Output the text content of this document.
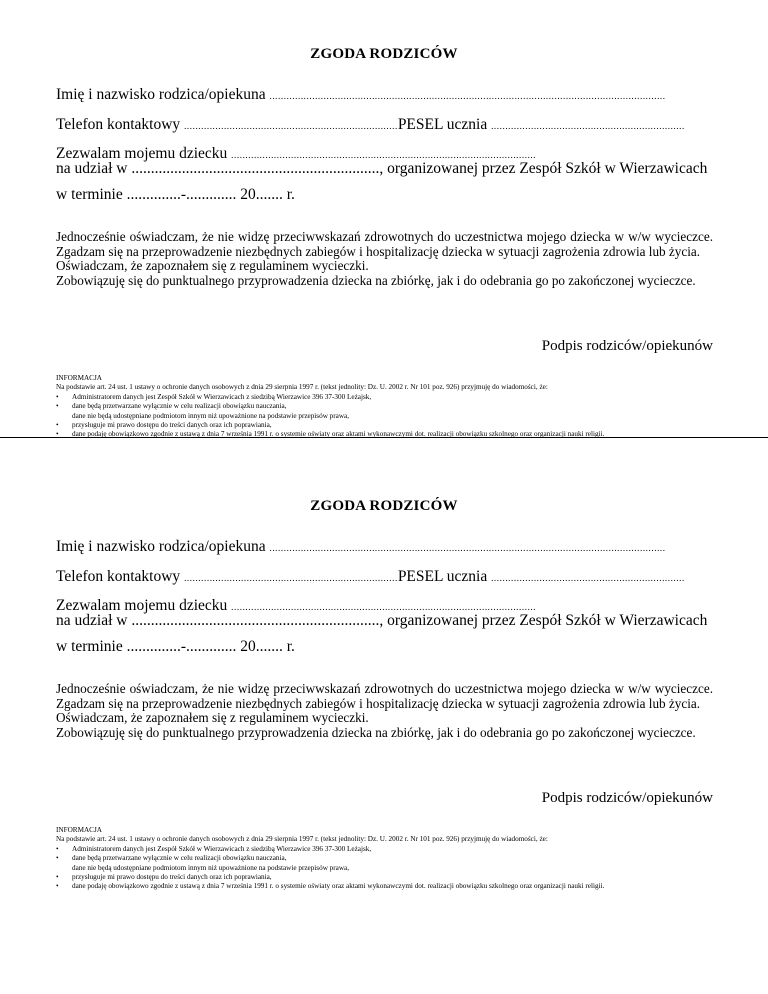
ZGODA RODZICÓW
Imię i nazwisko rodzica/opiekuna ...........................................................................................................................................
Telefon kontaktowy ...........................................................................PESEL ucznia ....................................................................
Zezwalam mojemu dziecku ...........................................................................................................
na udział w ................................................................, organizowanej przez Zespół Szkół w Wierzawicach
w terminie ..............-............. 20....... r.

Jednocześnie oświadczam, że nie widzę przeciwwskazań zdrowotnych do uczestnictwa mojego dziecka w w/w wycieczce. Zgadzam się na przeprowadzenie niezbędnych zabiegów i hospitalizację dziecka w sytuacji zagrożenia zdrowia lub życia.

Oświadczam, że zapoznałem się z regulaminem wycieczki.

Zobowiązuję się do punktualnego przyprowadzenia dziecka na zbiórkę, jak i do odebrania go po zakończonej wycieczce.

Podpis rodziców/opiekunów
INFORMACJA
Na podstawie art. 24 ust. 1 ustawy o ochronie danych osobowych z dnia 29 sierpnia 1997 r. (tekst jednolity: Dz. U. 2002 r. Nr 101 poz. 926) przyjmuję do wiadomości, że:
• Administratorem danych jest Zespół Szkół w Wierzawicach z siedzibą Wierzawice 396 37-300 Leżajsk,
• dane będą przetwarzane wyłącznie w celu realizacji obowiązku nauczania,
dane nie będą udostępniane podmiotom innym niż upoważnione na podstawie przepisów prawa,
• przysługuje mi prawo dostępu do treści danych oraz ich poprawiania,
• dane podaję obowiązkowo zgodnie z ustawą z dnia 7 września 1991 r. o systemie oświaty oraz aktami wykonawczymi dot. realizacji obowiązku szkolnego oraz organizacji nauki religii.
ZGODA RODZICÓW
Imię i nazwisko rodzica/opiekuna ...........................................................................................................................................
Telefon kontaktowy ...........................................................................PESEL ucznia ....................................................................
Zezwalam mojemu dziecku ...........................................................................................................
na udział w ................................................................, organizowanej przez Zespół Szkół w Wierzawicach
w terminie ..............-............. 20....... r.

Jednocześnie oświadczam, że nie widzę przeciwwskazań zdrowotnych do uczestnictwa mojego dziecka w w/w wycieczce. Zgadzam się na przeprowadzenie niezbędnych zabiegów i hospitalizację dziecka w sytuacji zagrożenia zdrowia lub życia.

Oświadczam, że zapoznałem się z regulaminem wycieczki.

Zobowiązuję się do punktualnego przyprowadzenia dziecka na zbiórkę, jak i do odebrania go po zakończonej wycieczce.

Podpis rodziców/opiekunów
INFORMACJA
Na podstawie art. 24 ust. 1 ustawy o ochronie danych osobowych z dnia 29 sierpnia 1997 r. (tekst jednolity: Dz. U. 2002 r. Nr 101 poz. 926) przyjmuję do wiadomości, że:
• Administratorem danych jest Zespół Szkół w Wierzawicach z siedzibą Wierzawice 396 37-300 Leżajsk,
• dane będą przetwarzane wyłącznie w celu realizacji obowiązku nauczania,
dane nie będą udostępniane podmiotom innym niż upoważnione na podstawie przepisów prawa,
• przysługuje mi prawo dostępu do treści danych oraz ich poprawiania,
• dane podaję obowiązkowo zgodnie z ustawą z dnia 7 września 1991 r. o systemie oświaty oraz aktami wykonawczymi dot. realizacji obowiązku szkolnego oraz organizacji nauki religii.
